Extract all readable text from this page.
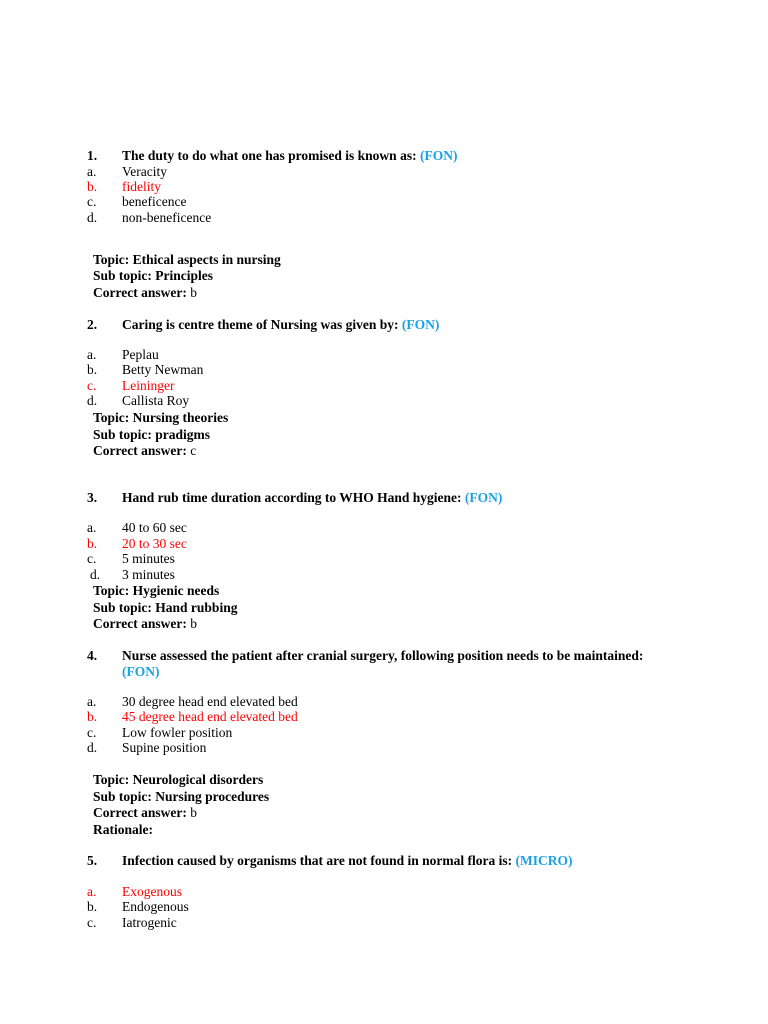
1.	The duty to do what one has promised is known as: (FON)
a. Veracity
b. fidelity
c. beneficence
d. non-beneficence
Topic: Ethical aspects in nursing
Sub topic: Principles
Correct answer: b
2.	Caring is centre theme of Nursing was given by: (FON)
a. Peplau
b. Betty Newman
c. Leininger
d. Callista Roy
Topic: Nursing theories
Sub topic: pradigms
Correct answer: c
3.	Hand rub time duration according to WHO Hand hygiene: (FON)
a. 40 to 60 sec
b. 20 to 30 sec
c. 5 minutes
d. 3 minutes
Topic: Hygienic needs
Sub topic: Hand rubbing
Correct answer: b
4.	Nurse assessed the patient after cranial surgery, following position needs to be maintained: (FON)
a. 30 degree head end elevated bed
b. 45 degree head end elevated bed
c. Low fowler position
d. Supine position
Topic: Neurological disorders
Sub topic: Nursing procedures
Correct answer: b
Rationale:
5.	Infection caused by organisms that are not found in normal flora is: (MICRO)
a. Exogenous
b. Endogenous
c. Iatrogenic
